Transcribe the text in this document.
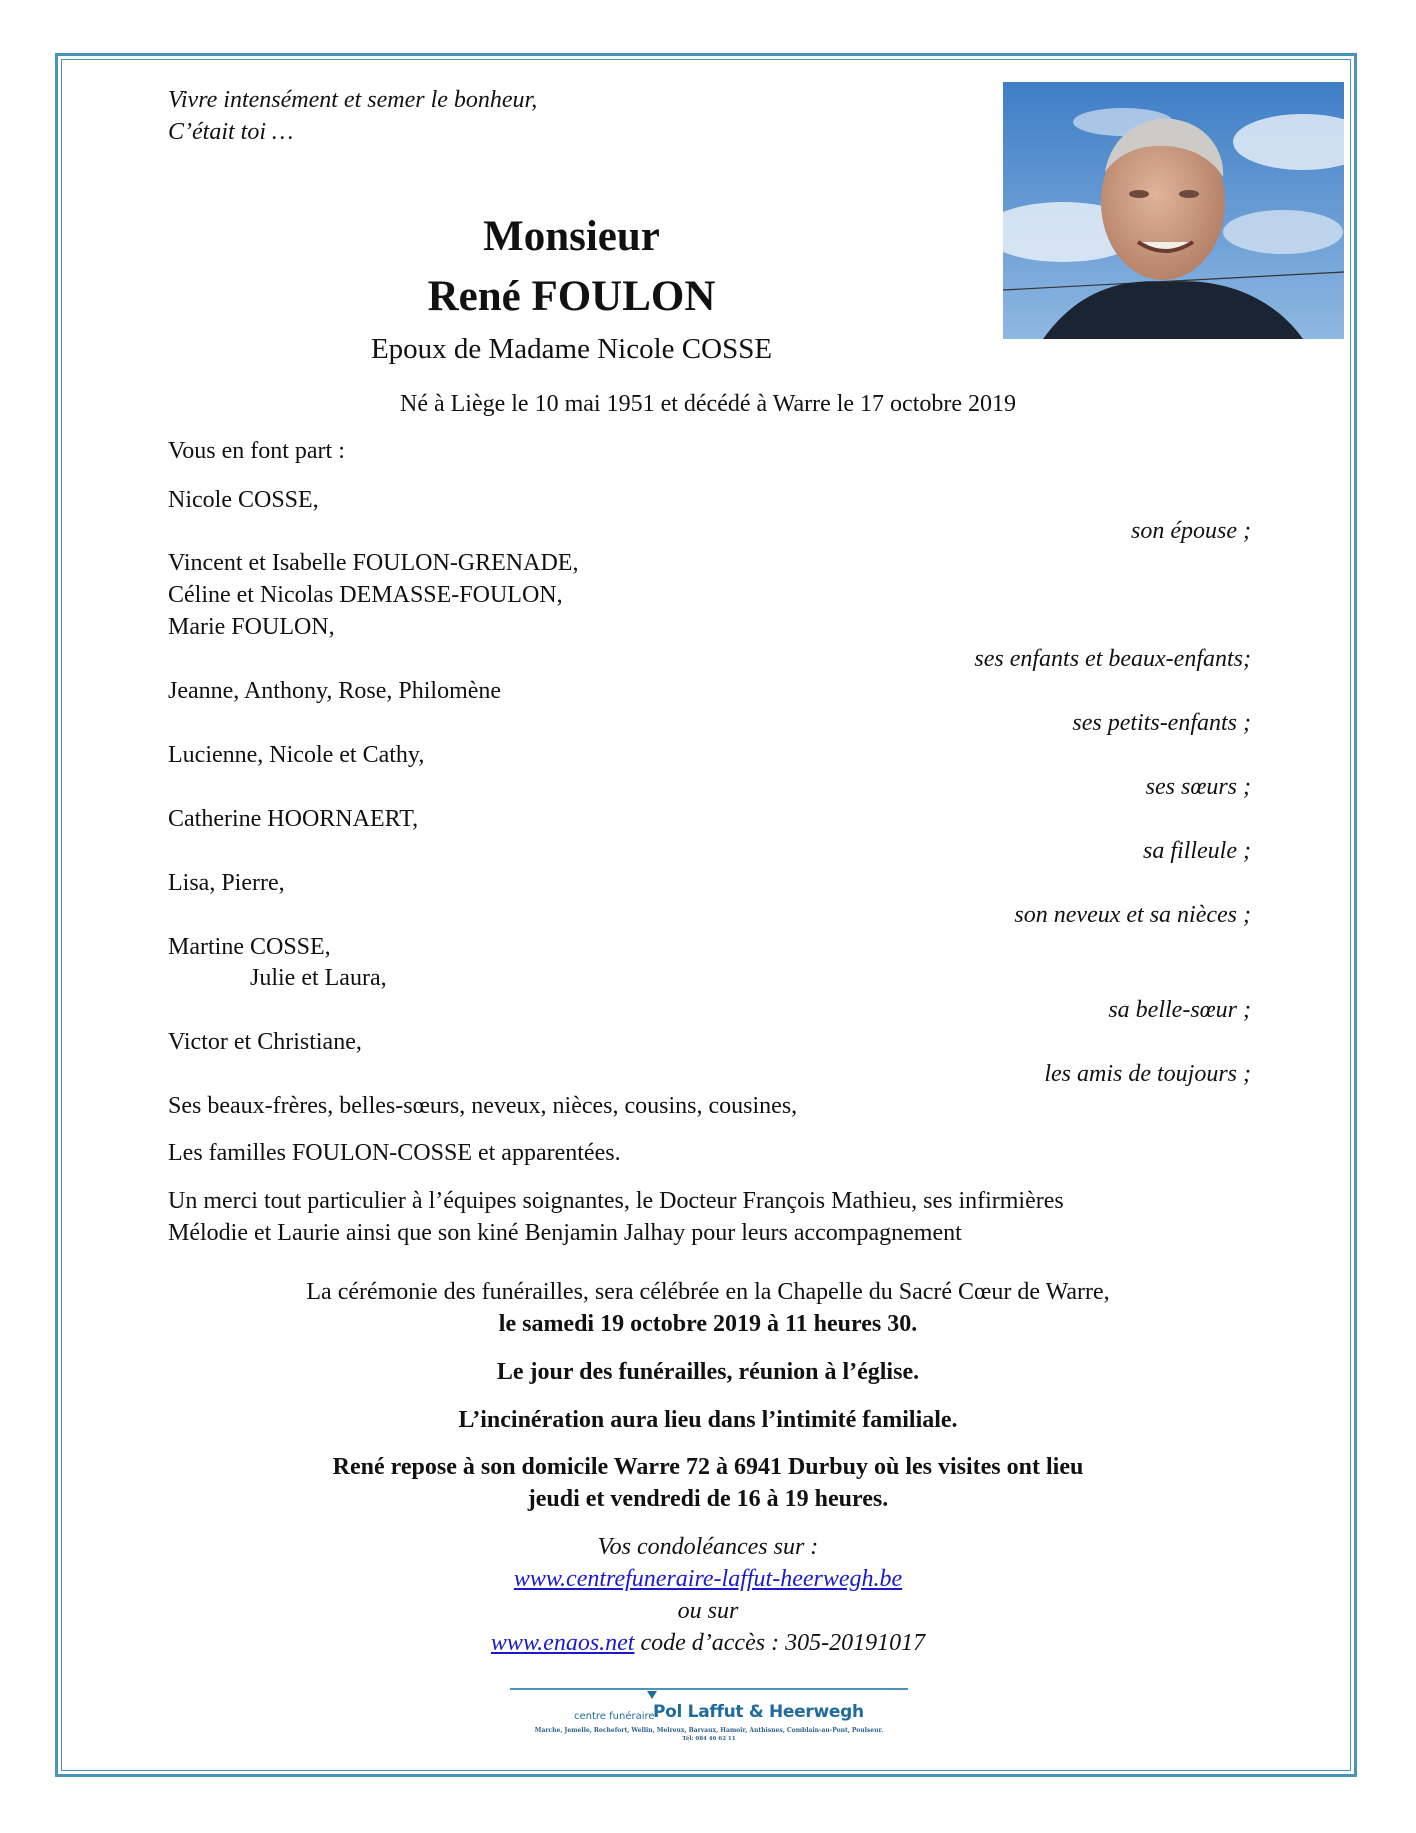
Vivre intensément et semer le bonheur,
C’était toi …
Monsieur
René FOULON
Epoux de Madame Nicole COSSE
Né à Liège le 10 mai 1951 et décédé à Warre le 17 octobre 2019
Vous en font part :
Nicole COSSE,
son épouse ;
Vincent et Isabelle FOULON-GRENADE,
Céline et Nicolas DEMASSE-FOULON,
Marie FOULON,
ses enfants et beaux-enfants;
Jeanne, Anthony, Rose, Philomène
ses petits-enfants ;
Lucienne, Nicole et Cathy,
ses sœurs ;
Catherine HOORNAERT,
sa filleule ;
Lisa, Pierre,
son neveux et sa nièces ;
Martine COSSE,
Julie et Laura,
sa belle-sœur ;
Victor et Christiane,
les amis de toujours ;
Ses beaux-frères, belles-sœurs, neveux, nièces, cousins, cousines,
Les familles FOULON-COSSE et apparentées.
Un merci tout particulier à l’équipes soignantes, le Docteur François Mathieu, ses infirmières
Mélodie et Laurie ainsi que son kiné Benjamin Jalhay pour leurs accompagnement
La cérémonie des funérailles, sera célébrée en la Chapelle du Sacré Cœur de Warre,
le samedi 19 octobre 2019 à 11 heures 30.
Le jour des funérailles, réunion à l’église.
L’incinération aura lieu dans l’intimité familiale.
René repose à son domicile Warre 72 à 6941 Durbuy où les visites ont lieu
jeudi et vendredi de 16 à 19 heures.
Vos condoléances sur :
www.centrefuneraire-laffut-heerwegh.be
ou sur
www.enaos.net code d’accès : 305-20191017
centre funéraire
Pol Laffut & Heerwegh
Marche, Jemelle, Rochefort, Wellin, Melreux, Barvaux, Hamoir, Anthisnes, Comblain-au-Pont, Poulseur.
Tél: 084 46 62 11
